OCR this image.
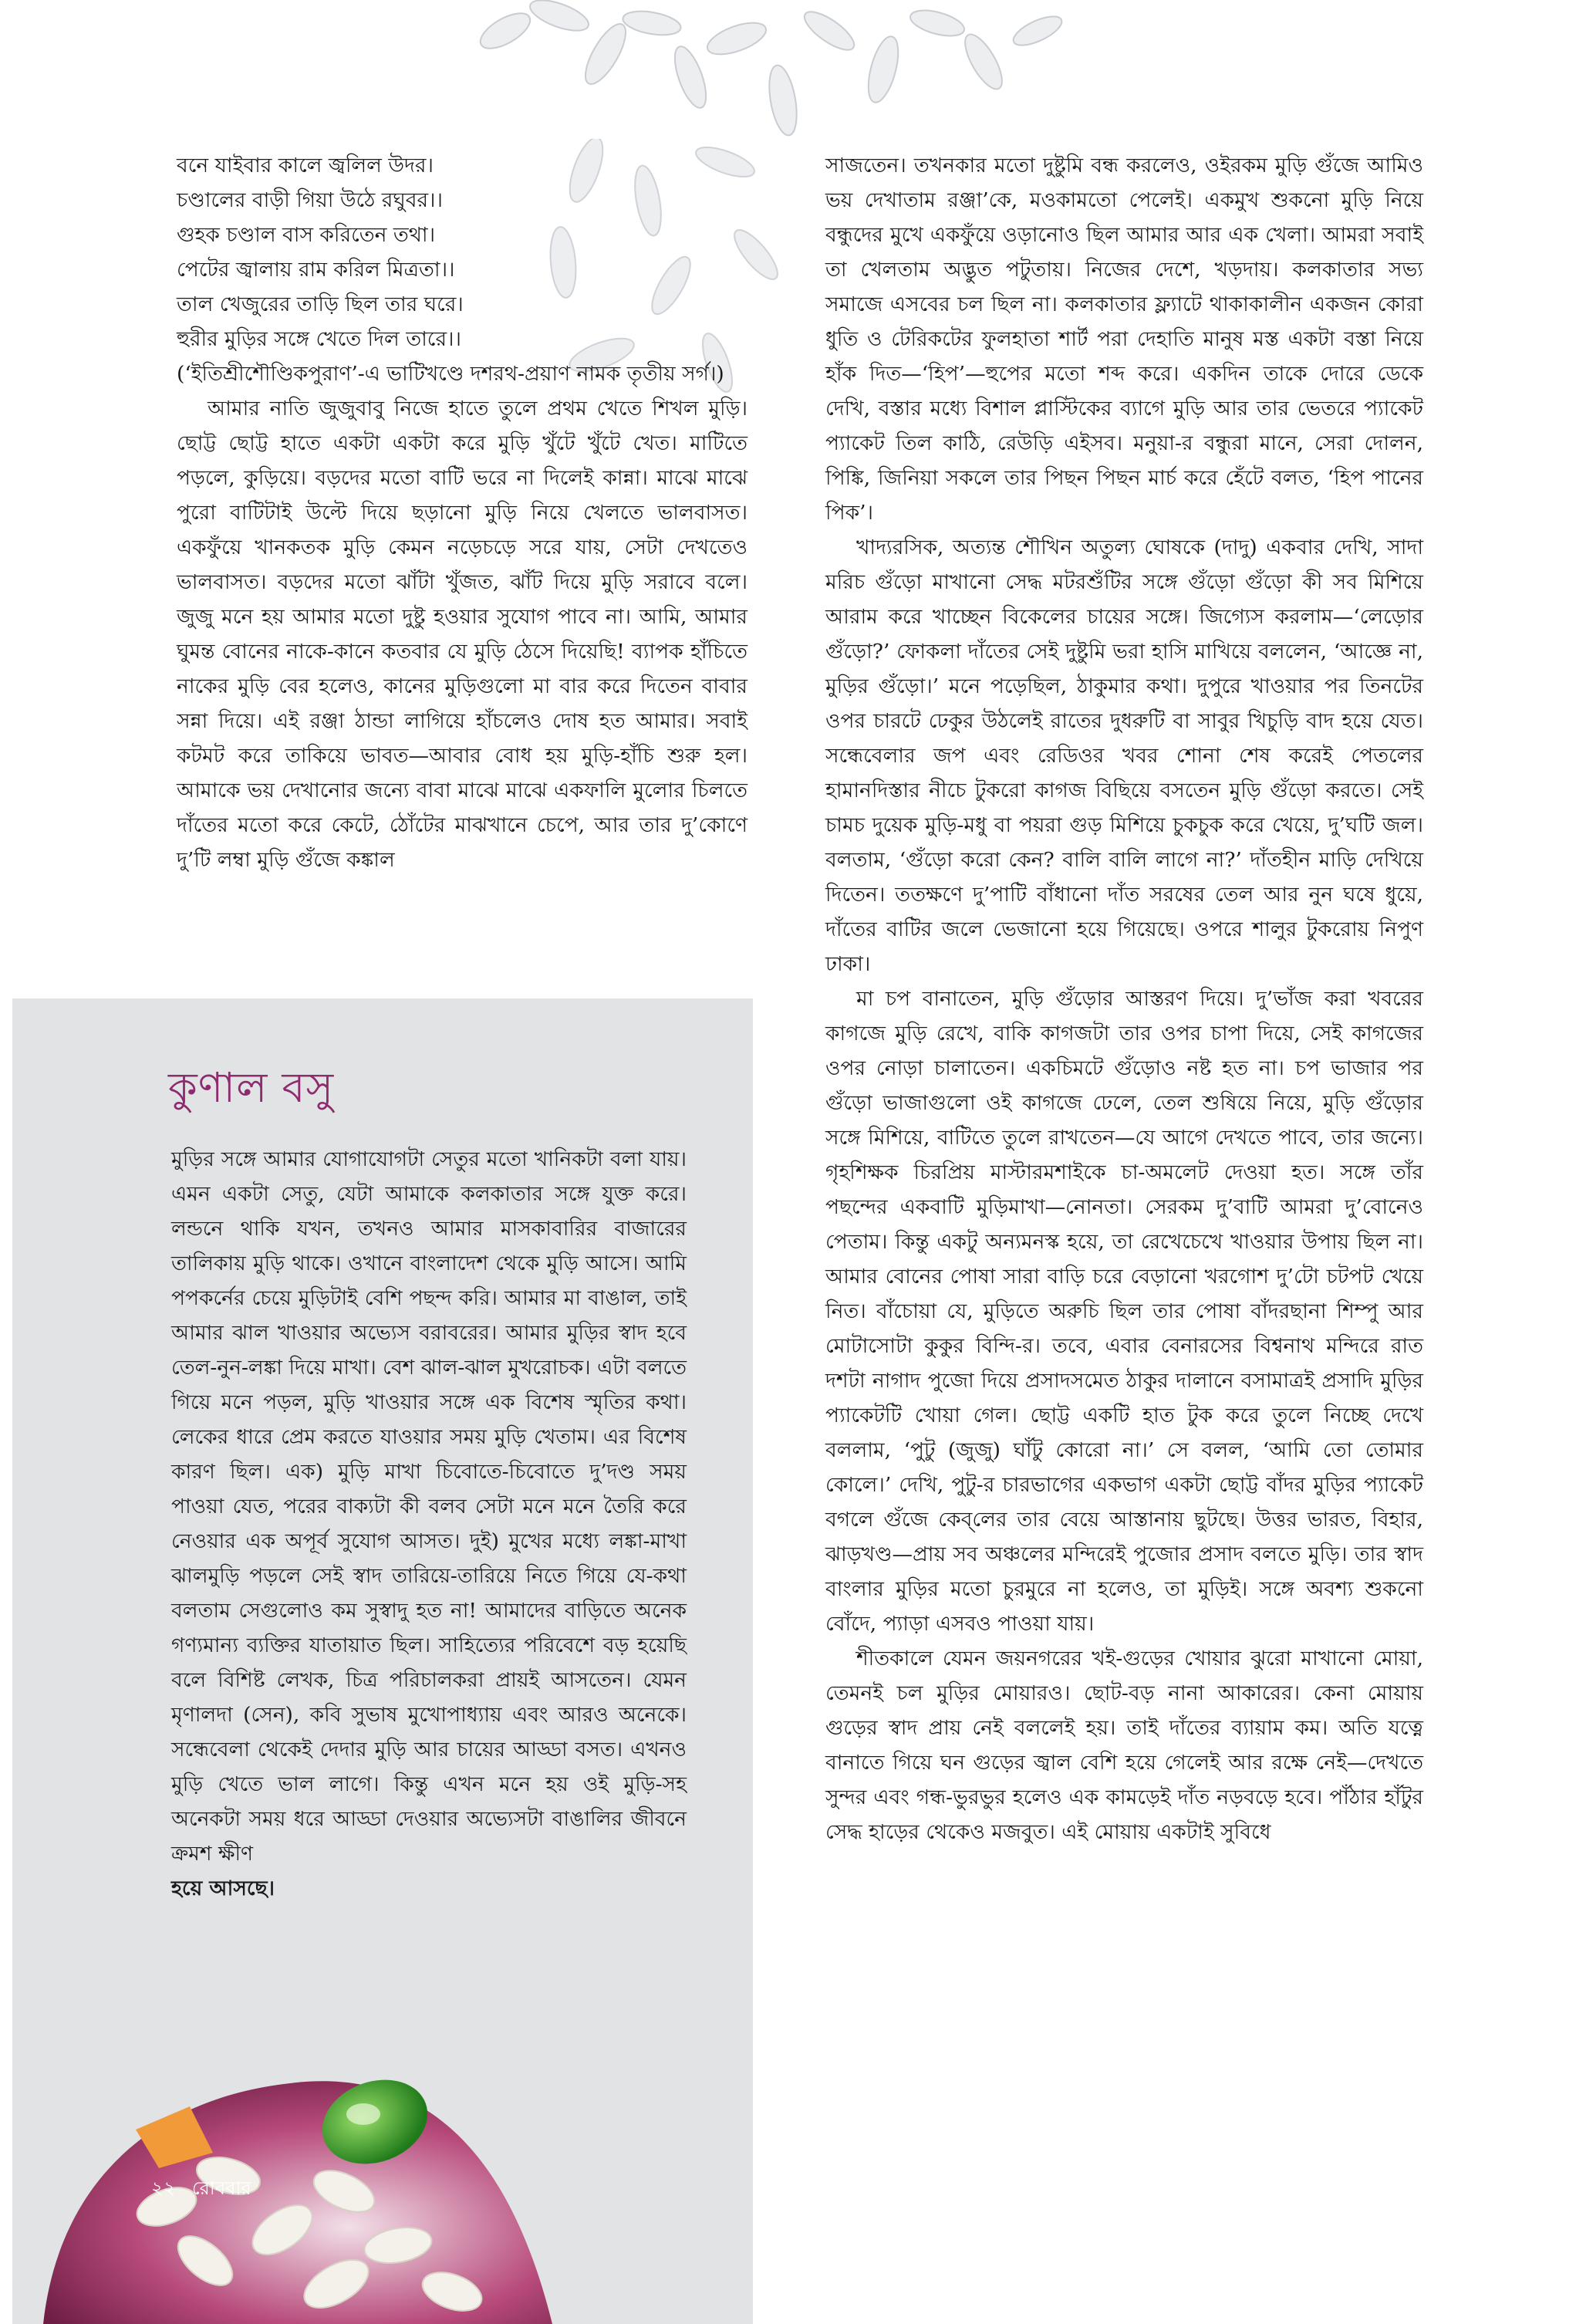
বনে যাইবার কালে জ্বলিল উদর।

চণ্ডালের বাড়ী গিয়া উঠে রঘুবর।।

গুহক চণ্ডাল বাস করিতেন তথা।

পেটের জ্বালায় রাম করিল মিত্রতা।।

তাল খেজুরের তাড়ি ছিল তার ঘরে।

হুরীর মুড়ির সঙ্গে খেতে দিল তারে।।

(‘ইতিশ্রীশৌণ্ডিকপুরাণ’-এ ভাটিখণ্ডে দশরথ-প্রয়াণ নামক তৃতীয় সর্গ।)

আমার নাতি জুজুবাবু নিজে হাতে তুলে প্রথম খেতে শিখল মুড়ি। ছোট্ট ছোট্ট হাতে একটা একটা করে মুড়ি খুঁটে খুঁটে খেত। মাটিতে পড়লে, কুড়িয়ে। বড়দের মতো বাটি ভরে না দিলেই কান্না। মাঝে মাঝে পুরো বাটিটাই উল্টে দিয়ে ছড়ানো মুড়ি নিয়ে খেলতে ভালবাসত। একফুঁয়ে খানকতক মুড়ি কেমন নড়েচড়ে সরে যায়, সেটা দেখতেও ভালবাসত। বড়দের মতো ঝাঁটা খুঁজত, ঝাঁট দিয়ে মুড়ি সরাবে বলে। জুজু মনে হয় আমার মতো দুষ্টু হওয়ার সুযোগ পাবে না। আমি, আমার ঘুমন্ত বোনের নাকে-কানে কতবার যে মুড়ি ঠেসে দিয়েছি! ব্যাপক হাঁচিতে নাকের মুড়ি বের হলেও, কানের মুড়িগুলো মা বার করে দিতেন বাবার সন্না দিয়ে। এই রঞ্জা ঠান্ডা লাগিয়ে হাঁচলেও দোষ হত আমার। সবাই কটমট করে তাকিয়ে ভাবত—আবার বোধ হয় মুড়ি-হাঁচি শুরু হল। আমাকে ভয় দেখানোর জন্যে বাবা মাঝে মাঝে একফালি মুলোর চিলতে দাঁতের মতো করে কেটে, ঠোঁটের মাঝখানে চেপে, আর তার দু’কোণে দু’টি লম্বা মুড়ি গুঁজে কঙ্কাল

কুণাল বসু

মুড়ির সঙ্গে আমার যোগাযোগটা সেতুর মতো খানিকটা বলা যায়। এমন একটা সেতু, যেটা আমাকে কলকাতার সঙ্গে যুক্ত করে। লন্ডনে থাকি যখন, তখনও আমার মাসকাবারির বাজারের তালিকায় মুড়ি থাকে। ওখানে বাংলাদেশ থেকে মুড়ি আসে। আমি পপকর্নের চেয়ে মুড়িটাই বেশি পছন্দ করি। আমার মা বাঙাল, তাই আমার ঝাল খাওয়ার অভ্যেস বরাবরের। আমার মুড়ির স্বাদ হবে তেল-নুন-লঙ্কা দিয়ে মাখা। বেশ ঝাল-ঝাল মুখরোচক। এটা বলতে গিয়ে মনে পড়ল, মুড়ি খাওয়ার সঙ্গে এক বিশেষ স্মৃতির কথা। লেকের ধারে প্রেম করতে যাওয়ার সময় মুড়ি খেতাম। এর বিশেষ কারণ ছিল। এক) মুড়ি মাখা চিবোতে-চিবোতে দু’দণ্ড সময় পাওয়া যেত, পরের বাক্যটা কী বলব সেটা মনে মনে তৈরি করে নেওয়ার এক অপূর্ব সুযোগ আসত। দুই) মুখের মধ্যে লঙ্কা-মাখা ঝালমুড়ি পড়লে সেই স্বাদ তারিয়ে-তারিয়ে নিতে গিয়ে যে-কথা বলতাম সেগুলোও কম সুস্বাদু হত না! আমাদের বাড়িতে অনেক গণ্যমান্য ব্যক্তির যাতায়াত ছিল। সাহিত্যের পরিবেশে বড় হয়েছি বলে বিশিষ্ট লেখক, চিত্র পরিচালকরা প্রায়ই আসতেন। যেমন মৃণালদা (সেন), কবি সুভাষ মুখোপাধ্যায় এবং আরও অনেকে। সন্ধেবেলা থেকেই দেদার মুড়ি আর চায়ের আড্ডা বসত। এখনও মুড়ি খেতে ভাল লাগে। কিন্তু এখন মনে হয় ওই মুড়ি-সহ অনেকটা সময় ধরে আড্ডা দেওয়ার অভ্যেসটা বাঙালির জীবনে ক্রমশ ক্ষীণ

হয়ে আসছে।

২২ রোববার

সাজতেন। তখনকার মতো দুষ্টুমি বন্ধ করলেও, ওইরকম মুড়ি গুঁজে আমিও ভয় দেখাতাম রঞ্জা’কে, মওকামতো পেলেই। একমুখ শুকনো মুড়ি নিয়ে বন্ধুদের মুখে একফুঁয়ে ওড়ানোও ছিল আমার আর এক খেলা। আমরা সবাই তা খেলতাম অদ্ভুত পটুতায়। নিজের দেশে, খড়দায়। কলকাতার সভ্য সমাজে এসবের চল ছিল না। কলকাতার ফ্ল্যাটে থাকাকালীন একজন কোরা ধুতি ও টেরিকটের ফুলহাতা শার্ট পরা দেহাতি মানুষ মস্ত একটা বস্তা নিয়ে হাঁক দিত—‘হিপ’—হুপের মতো শব্দ করে। একদিন তাকে দোরে ডেকে দেখি, বস্তার মধ্যে বিশাল প্লাস্টিকের ব্যাগে মুড়ি আর তার ভেতরে প্যাকেট প্যাকেট তিল কাঠি, রেউড়ি এইসব। মনুয়া-র বন্ধুরা মানে, সেরা দোলন, পিঙ্কি, জিনিয়া সকলে তার পিছন পিছন মার্চ করে হেঁটে বলত, ‘হিপ পানের পিক’।

খাদ্যরসিক, অত্যন্ত শৌখিন অতুল্য ঘোষকে (দাদু) একবার দেখি, সাদা মরিচ গুঁড়ো মাখানো সেদ্ধ মটরশুঁটির সঙ্গে গুঁড়ো গুঁড়ো কী সব মিশিয়ে আরাম করে খাচ্ছেন বিকেলের চায়ের সঙ্গে। জিগ্যেস করলাম—‘লেড়োর গুঁড়ো?’ ফোকলা দাঁতের সেই দুষ্টুমি ভরা হাসি মাখিয়ে বললেন, ‘আজ্ঞে না, মুড়ির গুঁড়ো।’ মনে পড়েছিল, ঠাকুমার কথা। দুপুরে খাওয়ার পর তিনটের ওপর চারটে ঢেকুর উঠলেই রাতের দুধরুটি বা সাবুর খিচুড়ি বাদ হয়ে যেত। সন্ধেবেলার জপ এবং রেডিওর খবর শোনা শেষ করেই পেতলের হামানদিস্তার নীচে টুকরো কাগজ বিছিয়ে বসতেন মুড়ি গুঁড়ো করতে। সেই চামচ দুয়েক মুড়ি-মধু বা পয়রা গুড় মিশিয়ে চুকচুক করে খেয়ে, দু’ঘটি জল। বলতাম, ‘গুঁড়ো করো কেন? বালি বালি লাগে না?’ দাঁতহীন মাড়ি দেখিয়ে দিতেন। ততক্ষণে দু’পাটি বাঁধানো দাঁত সরষের তেল আর নুন ঘষে ধুয়ে, দাঁতের বাটির জলে ভেজানো হয়ে গিয়েছে। ওপরে শালুর টুকরোয় নিপুণ ঢাকা।

মা চপ বানাতেন, মুড়ি গুঁড়োর আস্তরণ দিয়ে। দু’ভাঁজ করা খবরের কাগজে মুড়ি রেখে, বাকি কাগজটা তার ওপর চাপা দিয়ে, সেই কাগজের ওপর নোড়া চালাতেন। একচিমটে গুঁড়োও নষ্ট হত না। চপ ভাজার পর গুঁড়ো ভাজাগুলো ওই কাগজে ঢেলে, তেল শুষিয়ে নিয়ে, মুড়ি গুঁড়োর সঙ্গে মিশিয়ে, বাটিতে তুলে রাখতেন—যে আগে দেখতে পাবে, তার জন্যে। গৃহশিক্ষক চিরপ্রিয় মাস্টারমশাইকে চা-অমলেট দেওয়া হত। সঙ্গে তাঁর পছন্দের একবাটি মুড়িমাখা—নোনতা। সেরকম দু’বাটি আমরা দু’বোনেও পেতাম। কিন্তু একটু অন্যমনস্ক হয়ে, তা রেখেচেখে খাওয়ার উপায় ছিল না। আমার বোনের পোষা সারা বাড়ি চরে বেড়ানো খরগোশ দু’টো চটপট খেয়ে নিত। বাঁচোয়া যে, মুড়িতে অরুচি ছিল তার পোষা বাঁদরছানা শিম্পু আর মোটাসোটা কুকুর বিন্দি-র। তবে, এবার বেনারসের বিশ্বনাথ মন্দিরে রাত দশটা নাগাদ পুজো দিয়ে প্রসাদসমেত ঠাকুর দালানে বসামাত্রই প্রসাদি মুড়ির প্যাকেটটি খোয়া গেল। ছোট্ট একটি হাত টুক করে তুলে নিচ্ছে দেখে বললাম, ‘পুটু (জুজু) ঘাঁটু কোরো না।’ সে বলল, ‘আমি তো তোমার কোলে।’ দেখি, পুটু-র চারভাগের একভাগ একটা ছোট্ট বাঁদর মুড়ির প্যাকেট বগলে গুঁজে কেব্‌লের তার বেয়ে আস্তানায় ছুটছে। উত্তর ভারত, বিহার, ঝাড়খণ্ড—প্রায় সব অঞ্চলের মন্দিরেই পুজোর প্রসাদ বলতে মুড়ি। তার স্বাদ বাংলার মুড়ির মতো চুরমুরে না হলেও, তা মুড়িই। সঙ্গে অবশ্য শুকনো বোঁদে, প্যাড়া এসবও পাওয়া যায়।

শীতকালে যেমন জয়নগরের খই-গুড়ের খোয়ার ঝুরো মাখানো মোয়া, তেমনই চল মুড়ির মোয়ারও। ছোট-বড় নানা আকারের। কেনা মোয়ায় গুড়ের স্বাদ প্রায় নেই বললেই হয়। তাই দাঁতের ব্যায়াম কম। অতি যত্নে বানাতে গিয়ে ঘন গুড়ের জ্বাল বেশি হয়ে গেলেই আর রক্ষে নেই—দেখতে সুন্দর এবং গন্ধ-ভুরভুর হলেও এক কামড়েই দাঁত নড়বড়ে হবে। পাঁঠার হাঁটুর সেদ্ধ হাড়ের থেকেও মজবুত। এই মোয়ায় একটাই সুবিধে
